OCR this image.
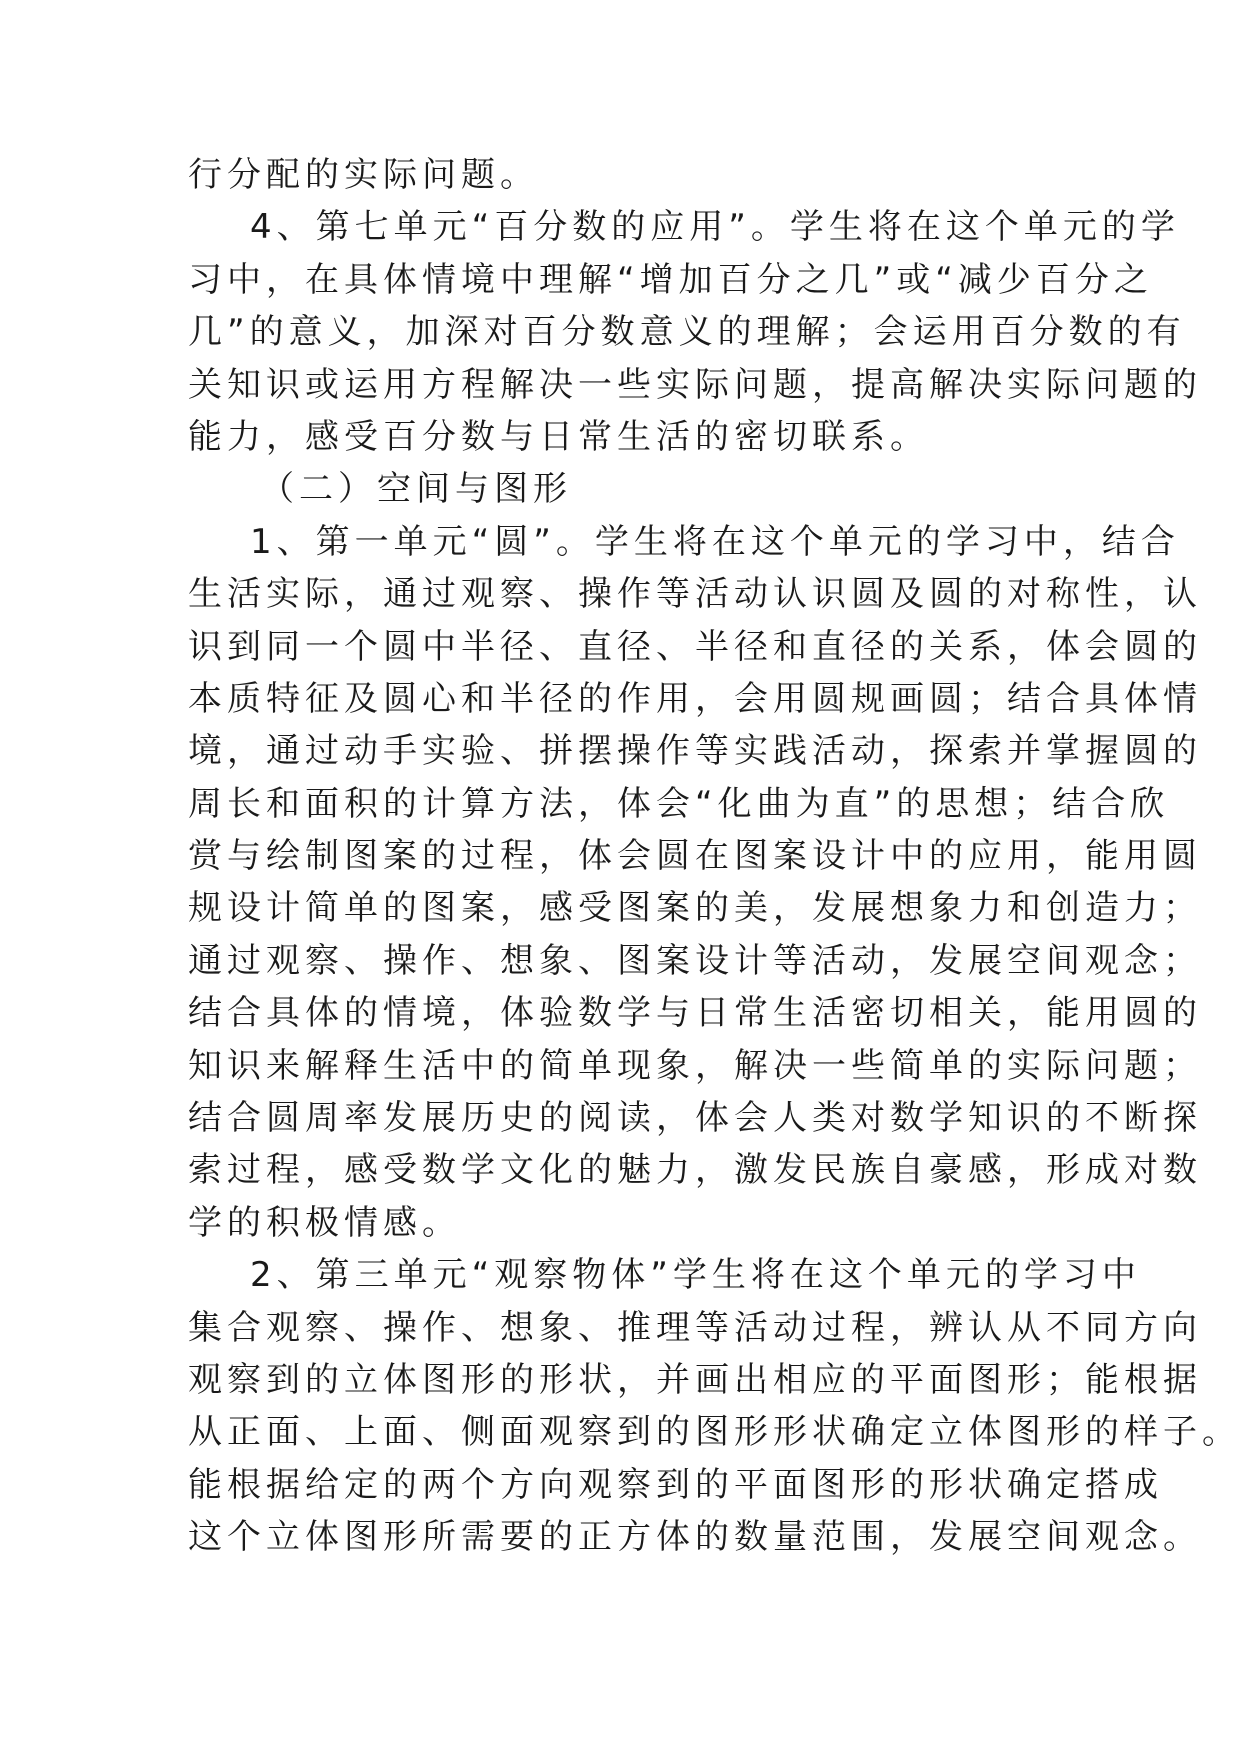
行分配的实际问题。
4、第七单元“百分数的应用”。学生将在这个单元的学
习中，在具体情境中理解“增加百分之几”或“减少百分之
几”的意义，加深对百分数意义的理解；会运用百分数的有
关知识或运用方程解决一些实际问题，提高解决实际问题的
能力，感受百分数与日常生活的密切联系。
（二）空间与图形
1、第一单元“圆”。学生将在这个单元的学习中，结合
生活实际，通过观察、操作等活动认识圆及圆的对称性，认
识到同一个圆中半径、直径、半径和直径的关系，体会圆的
本质特征及圆心和半径的作用，会用圆规画圆；结合具体情
境，通过动手实验、拼摆操作等实践活动，探索并掌握圆的
周长和面积的计算方法，体会“化曲为直”的思想；结合欣
赏与绘制图案的过程，体会圆在图案设计中的应用，能用圆
规设计简单的图案，感受图案的美，发展想象力和创造力；
通过观察、操作、想象、图案设计等活动，发展空间观念；
结合具体的情境，体验数学与日常生活密切相关，能用圆的
知识来解释生活中的简单现象，解决一些简单的实际问题；
结合圆周率发展历史的阅读，体会人类对数学知识的不断探
索过程，感受数学文化的魅力，激发民族自豪感，形成对数
学的积极情感。
2、第三单元“观察物体”学生将在这个单元的学习中
集合观察、操作、想象、推理等活动过程，辨认从不同方向
观察到的立体图形的形状，并画出相应的平面图形；能根据
从正面、上面、侧面观察到的图形形状确定立体图形的样子。
能根据给定的两个方向观察到的平面图形的形状确定搭成
这个立体图形所需要的正方体的数量范围，发展空间观念。
